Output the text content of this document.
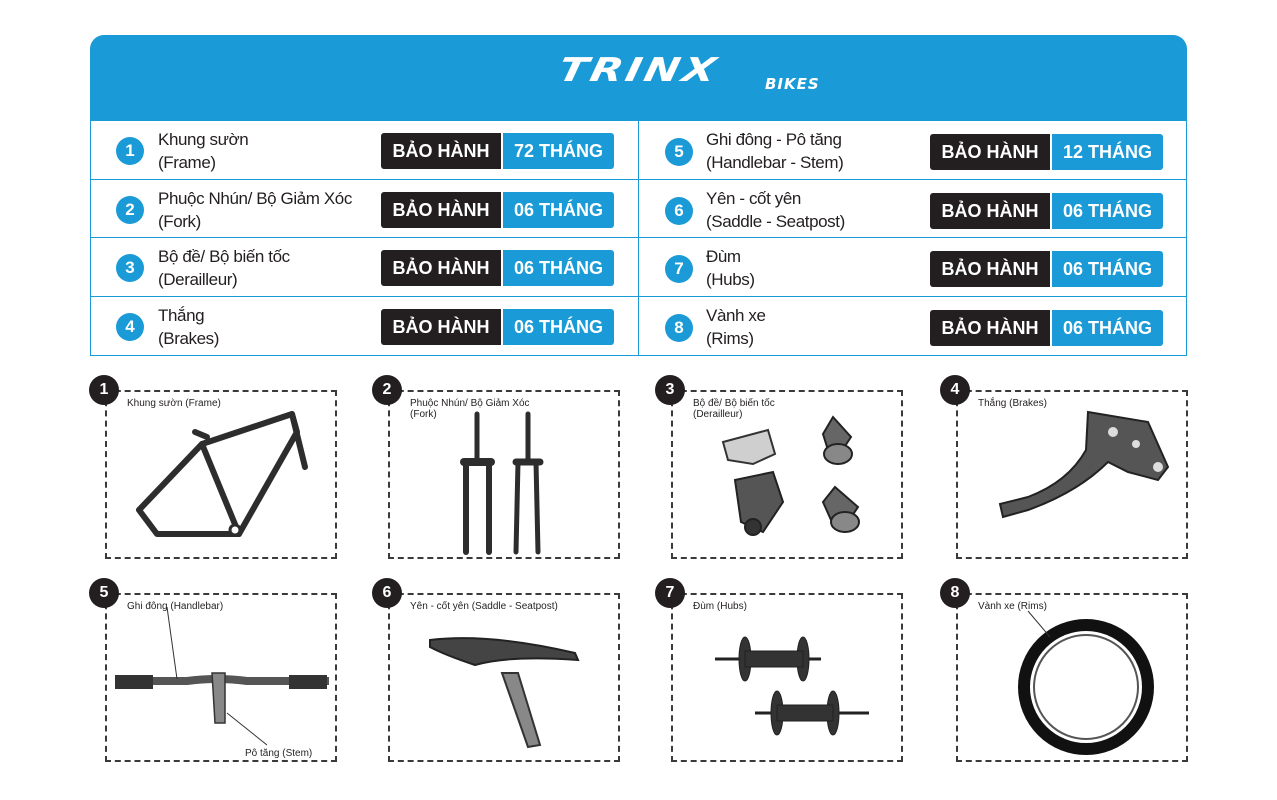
TRINX	BIKES
1
Khung sườn
(Frame)
BẢO HÀNH	72 THÁNG
2
Phuộc Nhún/ Bộ Giảm Xóc
(Fork)
BẢO HÀNH	06 THÁNG
3
Bộ đề/ Bộ biến tốc
(Derailleur)
BẢO HÀNH	06 THÁNG
4
Thắng
(Brakes)
BẢO HÀNH	06 THÁNG
5
Ghi đông - Pô tăng
(Handlebar - Stem)
BẢO HÀNH	12 THÁNG
6
Yên - cốt yên
(Saddle - Seatpost)
BẢO HÀNH	06 THÁNG
7
Đùm
(Hubs)
BẢO HÀNH	06 THÁNG
8
Vành xe
(Rims)
BẢO HÀNH	06 THÁNG
1	2	3	4
5	6	7	8
Khung sườn (Frame)	Phuộc Nhún/ Bộ Giảm Xóc
(Fork)
Bộ đề/ Bộ biến tốc
(Derailleur)
Thắng (Brakes)
Ghi đông (Handlebar)
Pô tăng (Stem)
Yên - cốt yên (Saddle - Seatpost)	Đùm (Hubs)	Vành xe (Rims)
